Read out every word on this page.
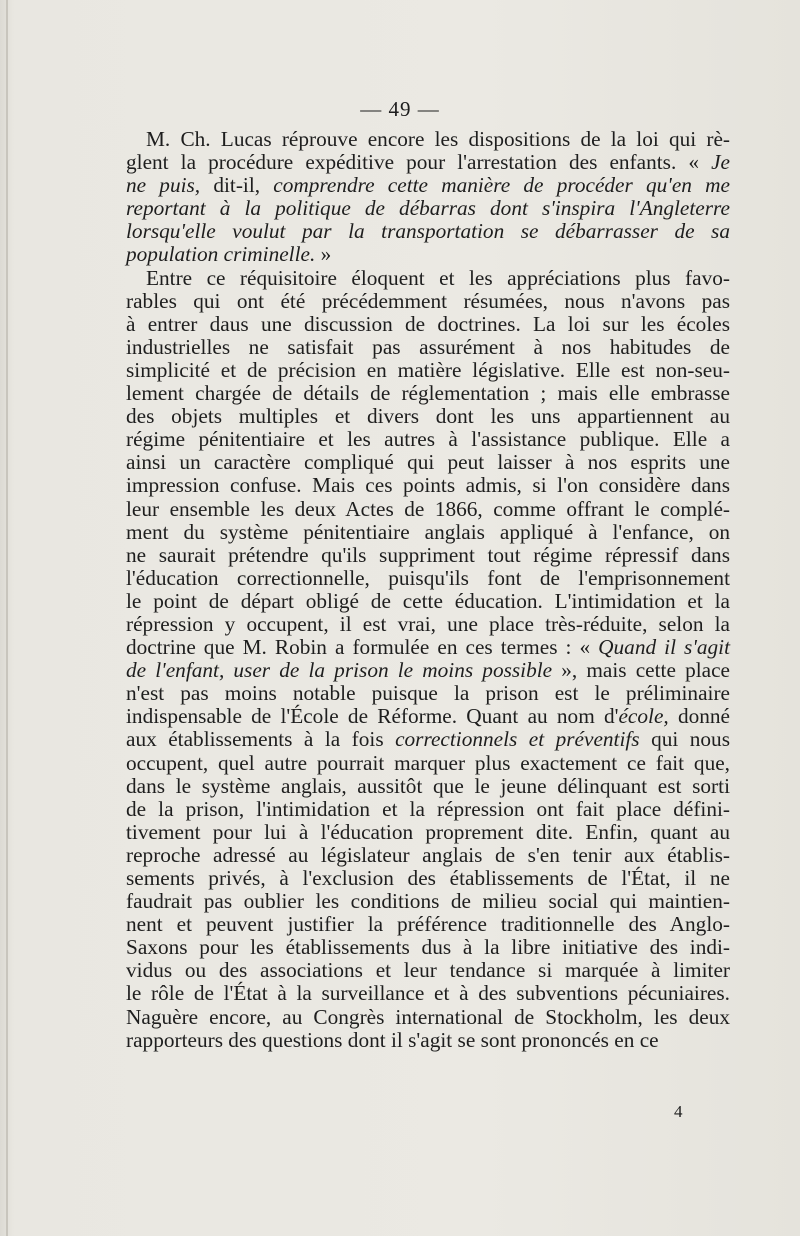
— 49 —
M. Ch. Lucas réprouve encore les dispositions de la loi qui rè-
glent la procédure expéditive pour l'arrestation des enfants. « Je
ne puis, dit-il, comprendre cette manière de procéder qu'en me
reportant à la politique de débarras dont s'inspira l'Angleterre
lorsqu'elle voulut par la transportation se débarrasser de sa
population criminelle. »
Entre ce réquisitoire éloquent et les appréciations plus favo-
rables qui ont été précédemment résumées, nous n'avons pas
à entrer daus une discussion de doctrines. La loi sur les écoles
industrielles ne satisfait pas assurément à nos habitudes de
simplicité et de précision en matière législative. Elle est non-seu-
lement chargée de détails de réglementation ; mais elle embrasse
des objets multiples et divers dont les uns appartiennent au
régime pénitentiaire et les autres à l'assistance publique. Elle a
ainsi un caractère compliqué qui peut laisser à nos esprits une
impression confuse. Mais ces points admis, si l'on considère dans
leur ensemble les deux Actes de 1866, comme offrant le complé-
ment du système pénitentiaire anglais appliqué à l'enfance, on
ne saurait prétendre qu'ils suppriment tout régime répressif dans
l'éducation correctionnelle, puisqu'ils font de l'emprisonnement
le point de départ obligé de cette éducation. L'intimidation et la
répression y occupent, il est vrai, une place très-réduite, selon la
doctrine que M. Robin a formulée en ces termes : « Quand il s'agit
de l'enfant, user de la prison le moins possible », mais cette place
n'est pas moins notable puisque la prison est le préliminaire
indispensable de l'École de Réforme. Quant au nom d'école, donné
aux établissements à la fois correctionnels et préventifs qui nous
occupent, quel autre pourrait marquer plus exactement ce fait que,
dans le système anglais, aussitôt que le jeune délinquant est sorti
de la prison, l'intimidation et la répression ont fait place défini-
tivement pour lui à l'éducation proprement dite. Enfin, quant au
reproche adressé au législateur anglais de s'en tenir aux établis-
sements privés, à l'exclusion des établissements de l'État, il ne
faudrait pas oublier les conditions de milieu social qui maintien-
nent et peuvent justifier la préférence traditionnelle des Anglo-
Saxons pour les établissements dus à la libre initiative des indi-
vidus ou des associations et leur tendance si marquée à limiter
le rôle de l'État à la surveillance et à des subventions pécuniaires.
Naguère encore, au Congrès international de Stockholm, les deux
rapporteurs des questions dont il s'agit se sont prononcés en ce
4
